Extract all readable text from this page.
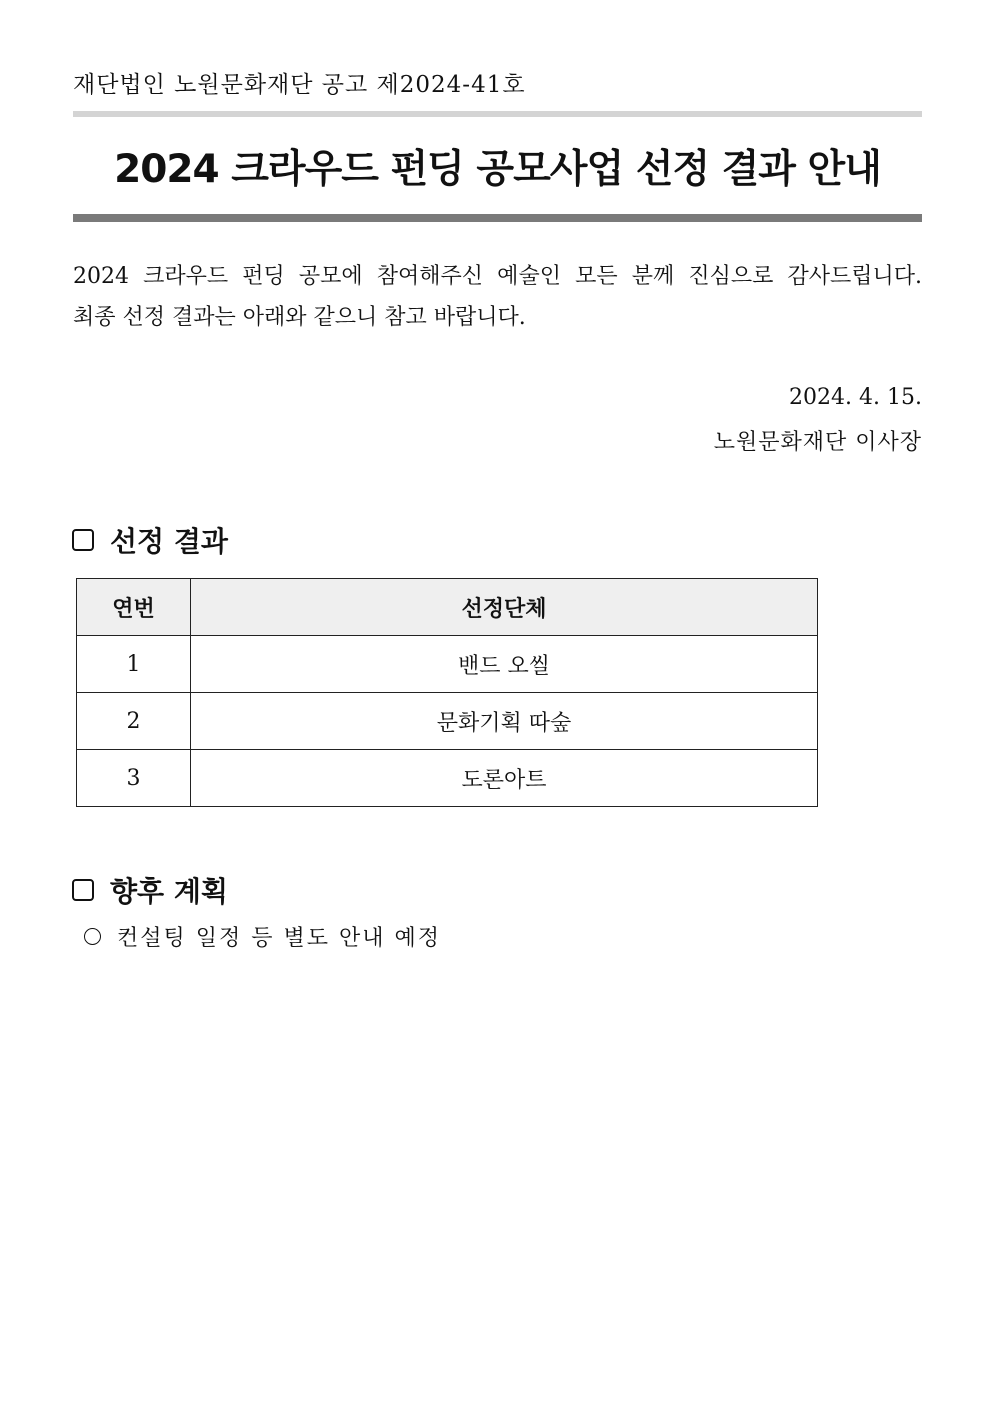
재단법인 노원문화재단 공고 제2024-41호
2024 크라우드 펀딩 공모사업 선정 결과 안내

2024 크라우드 펀딩 공모에 참여해주신 예술인 모든 분께 진심으로 감사드립니다.

최종 선정 결과는 아래와 같으니 참고 바랍니다.

2024. 4. 15.
노원문화재단 이사장
선정 결과
연번	선정단체
1	밴드 오씰
2	문화기획 따숲
3	도론아트
향후 계획
컨설팅 일정 등 별도 안내 예정
